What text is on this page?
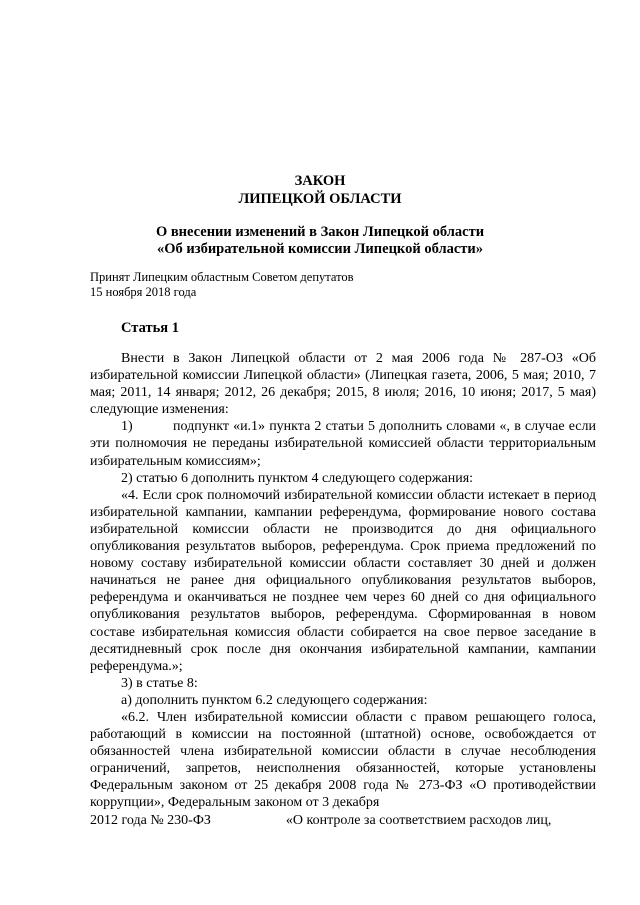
ЗАКОН
ЛИПЕЦКОЙ ОБЛАСТИ
О внесении изменений в Закон Липецкой области
«Об избирательной комиссии Липецкой области»
Принят Липецким областным Советом депутатов
15 ноября 2018 года
Статья 1

Внести в Закон Липецкой области от 2 мая 2006 года № 287-ОЗ «Об избирательной комиссии Липецкой области» (Липецкая газета, 2006, 5 мая; 2010, 7 мая; 2011, 14 января; 2012, 26 декабря; 2015, 8 июля; 2016, 10 июня; 2017, 5 мая) следующие изменения:

1)	подпункт «и.1» пункта 2 статьи 5 дополнить словами «, в случае если эти полномочия не переданы избирательной комиссией области территориальным избирательным комиссиям»;

2) статью 6 дополнить пунктом 4 следующего содержания:

«4. Если срок полномочий избирательной комиссии области истекает в период избирательной кампании, кампании референдума, формирование нового состава избирательной комиссии области не производится до дня официального опубликования результатов выборов, референдума. Срок приема предложений по новому составу избирательной комиссии области составляет 30 дней и должен начинаться не ранее дня официального опубликования результатов выборов, референдума и оканчиваться не позднее чем через 60 дней со дня официального опубликования результатов выборов, референдума. Сформированная в новом составе избирательная комиссия области собирается на свое первое заседание в десятидневный срок после дня окончания избирательной кампании, кампании референдума.»;

3) в статье 8:

а) дополнить пунктом 6.2 следующего содержания:

«6.2. Член избирательной комиссии области с правом решающего голоса, работающий в комиссии на постоянной (штатной) основе, освобождается от обязанностей члена избирательной комиссии области в случае несоблюдения ограничений, запретов, неисполнения обязанностей, которые установлены Федеральным законом от 25 декабря 2008 года № 273-ФЗ «О противодействии коррупции», Федеральным законом от 3 декабря

2012 года № 230-ФЗ	«О контроле за соответствием расходов лиц,
